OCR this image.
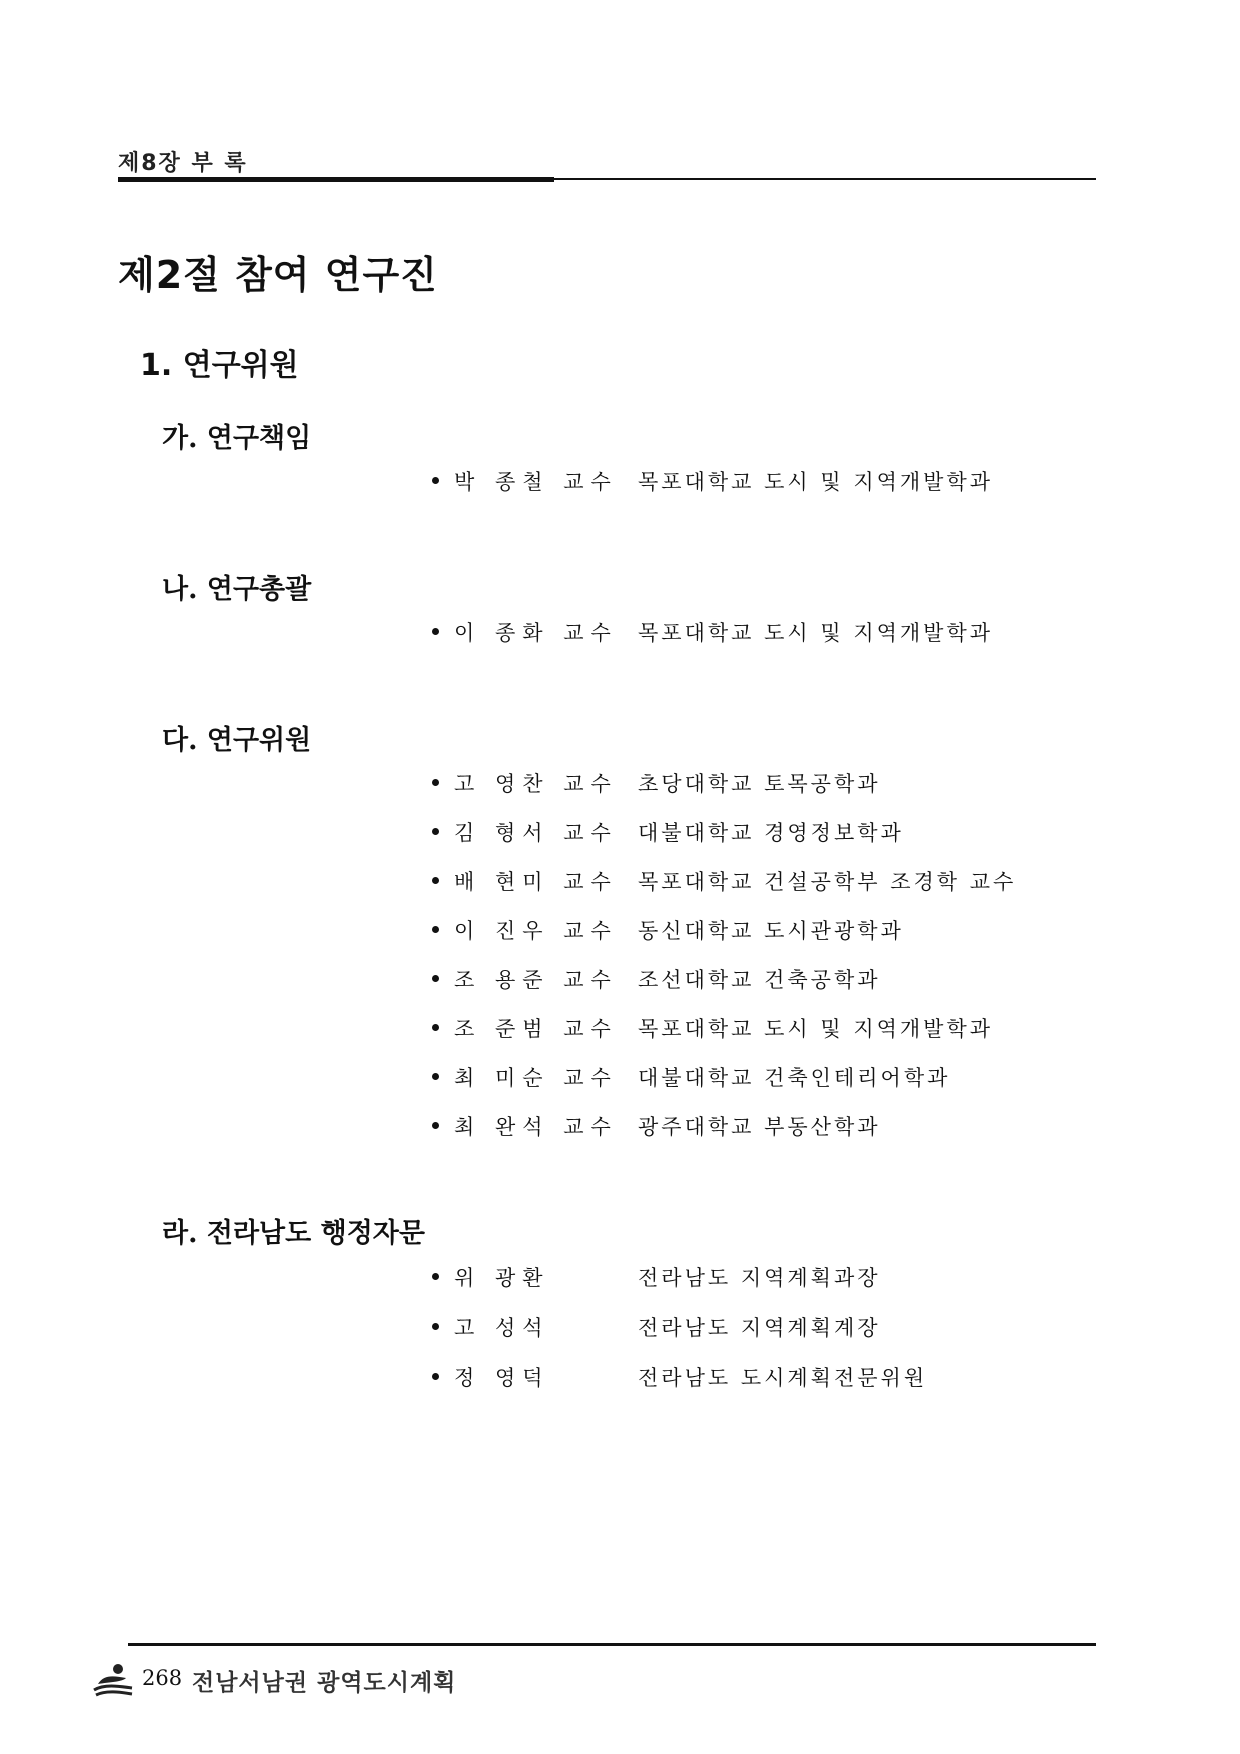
제8장 부 록
제2절 참여 연구진
1. 연구위원
가. 연구책임
박 종철 교수 목포대학교 도시 및 지역개발학과
나. 연구총괄
이 종화 교수 목포대학교 도시 및 지역개발학과
다. 연구위원
고 영찬 교수 초당대학교 토목공학과
김 형서 교수 대불대학교 경영정보학과
배 현미 교수 목포대학교 건설공학부 조경학 교수
이 진우 교수 동신대학교 도시관광학과
조 용준 교수 조선대학교 건축공학과
조 준범 교수 목포대학교 도시 및 지역개발학과
최 미순 교수 대불대학교 건축인테리어학과
최 완석 교수 광주대학교 부동산학과
라. 전라남도 행정자문
위 광환	전라남도 지역계획과장
고 성석	전라남도 지역계획계장
정 영덕	전라남도 도시계획전문위원
268 전남서남권 광역도시계획
